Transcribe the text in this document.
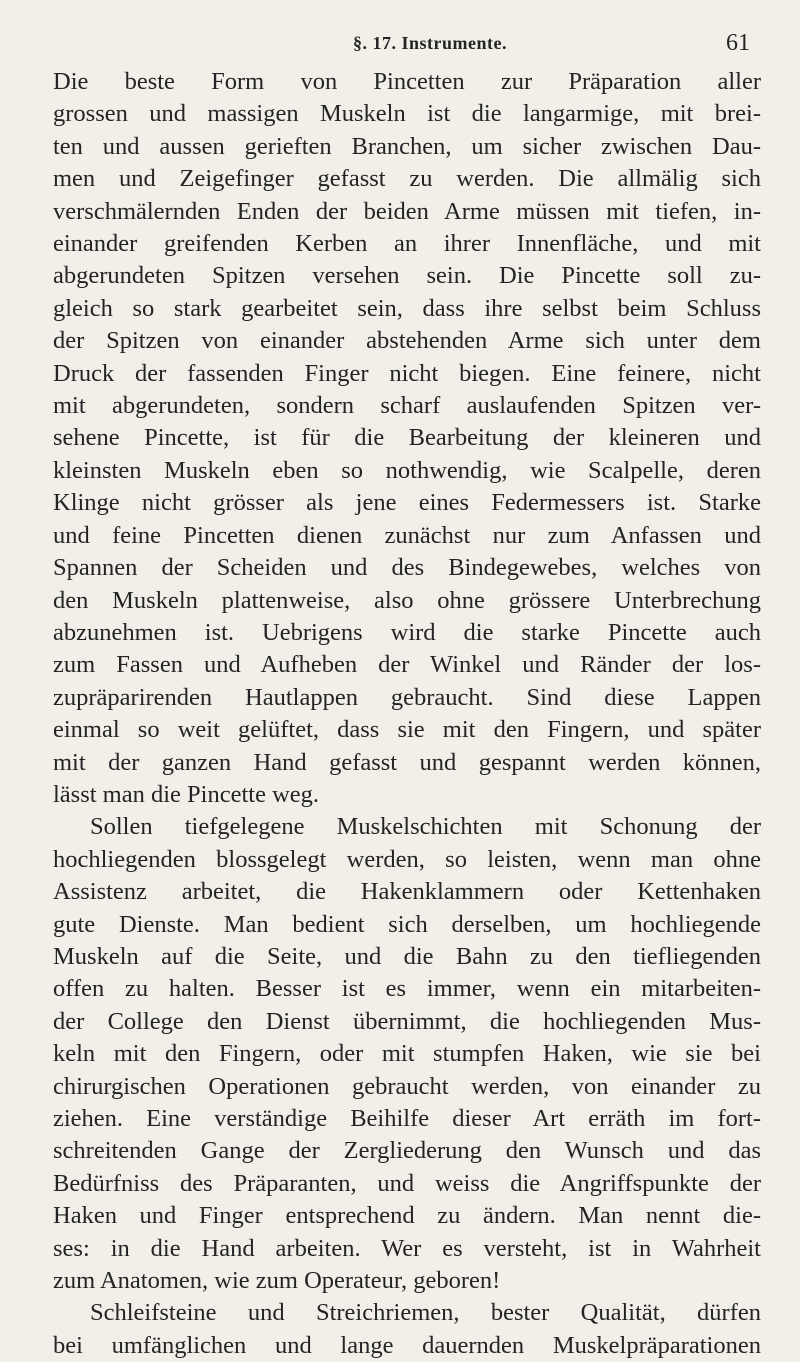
§. 17. Instrumente.	61
Die beste Form von Pincetten zur Präparation aller
grossen und massigen Muskeln ist die langarmige, mit brei-
ten und aussen gerieften Branchen, um sicher zwischen Dau-
men und Zeigefinger gefasst zu werden. Die allmälig sich
verschmälernden Enden der beiden Arme müssen mit tiefen, in-
einander greifenden Kerben an ihrer Innenfläche, und mit
abgerundeten Spitzen versehen sein. Die Pincette soll zu-
gleich so stark gearbeitet sein, dass ihre selbst beim Schluss
der Spitzen von einander abstehenden Arme sich unter dem
Druck der fassenden Finger nicht biegen. Eine feinere, nicht
mit abgerundeten, sondern scharf auslaufenden Spitzen ver-
sehene Pincette, ist für die Bearbeitung der kleineren und
kleinsten Muskeln eben so nothwendig, wie Scalpelle, deren
Klinge nicht grösser als jene eines Federmessers ist. Starke
und feine Pincetten dienen zunächst nur zum Anfassen und
Spannen der Scheiden und des Bindegewebes, welches von
den Muskeln plattenweise, also ohne grössere Unterbrechung
abzunehmen ist. Uebrigens wird die starke Pincette auch
zum Fassen und Aufheben der Winkel und Ränder der los-
zupräparirenden Hautlappen gebraucht. Sind diese Lappen
einmal so weit gelüftet, dass sie mit den Fingern, und später
mit der ganzen Hand gefasst und gespannt werden können,
lässt man die Pincette weg.
Sollen tiefgelegene Muskelschichten mit Schonung der
hochliegenden blossgelegt werden, so leisten, wenn man ohne
Assistenz arbeitet, die Hakenklammern oder Kettenhaken
gute Dienste. Man bedient sich derselben, um hochliegende
Muskeln auf die Seite, und die Bahn zu den tiefliegenden
offen zu halten. Besser ist es immer, wenn ein mitarbeiten-
der College den Dienst übernimmt, die hochliegenden Mus-
keln mit den Fingern, oder mit stumpfen Haken, wie sie bei
chirurgischen Operationen gebraucht werden, von einander zu
ziehen. Eine verständige Beihilfe dieser Art erräth im fort-
schreitenden Gange der Zergliederung den Wunsch und das
Bedürfniss des Präparanten, und weiss die Angriffspunkte der
Haken und Finger entsprechend zu ändern. Man nennt die-
ses: in die Hand arbeiten. Wer es versteht, ist in Wahrheit
zum Anatomen, wie zum Operateur, geboren!
Schleifsteine und Streichriemen, bester Qualität, dürfen
bei umfänglichen und lange dauernden Muskelpräparationen
